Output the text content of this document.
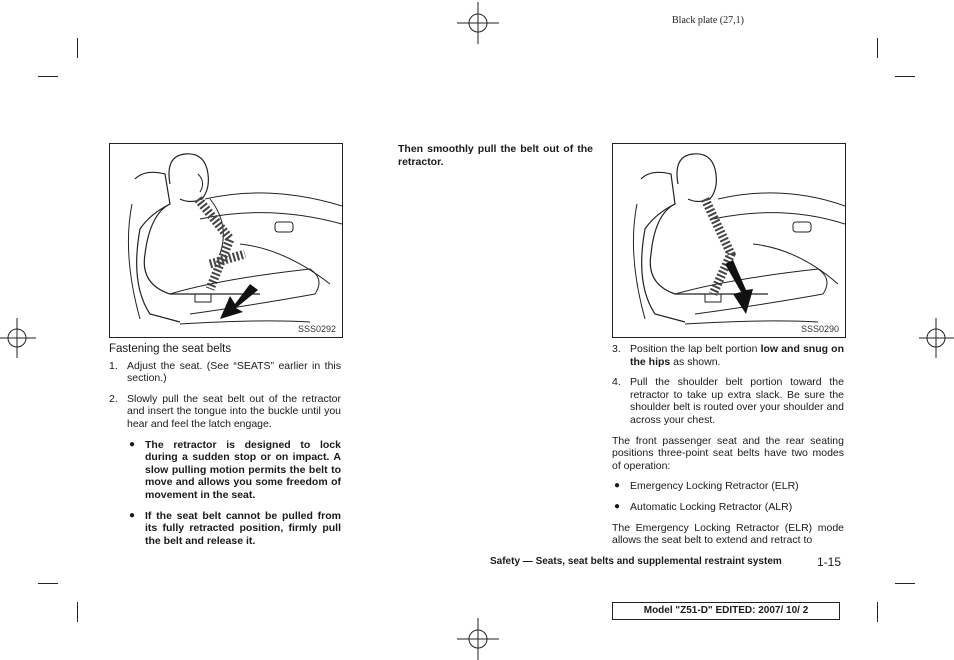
Black plate (27,1)
SSS0292	SSS0290

Fastening the seat belts

1. Adjust the seat. (See “SEATS” earlier in this section.)
2. Slowly pull the seat belt out of the retractor and insert the tongue into the buckle until you hear and feel the latch engage.
● The retractor is designed to lock during a sudden stop or on impact. A slow pulling motion permits the belt to move and allows you some freedom of movement in the seat.
● If the seat belt cannot be pulled from its fully retracted position, firmly pull the belt and release it.
Then smoothly pull the belt out of the retractor.
3. Position the lap belt portion low and snug on the hips as shown.
4. Pull the shoulder belt portion toward the retractor to take up extra slack. Be sure the shoulder belt is routed over your shoulder and across your chest.

The front passenger seat and the rear seating positions three-point seat belts have two modes of operation:

● Emergency Locking Retractor (ELR)
● Automatic Locking Retractor (ALR)

The Emergency Locking Retractor (ELR) mode allows the seat belt to extend and retract to

Safety — Seats, seat belts and supplemental restraint system	1-15
Model "Z51-D" EDITED: 2007/ 10/ 2
